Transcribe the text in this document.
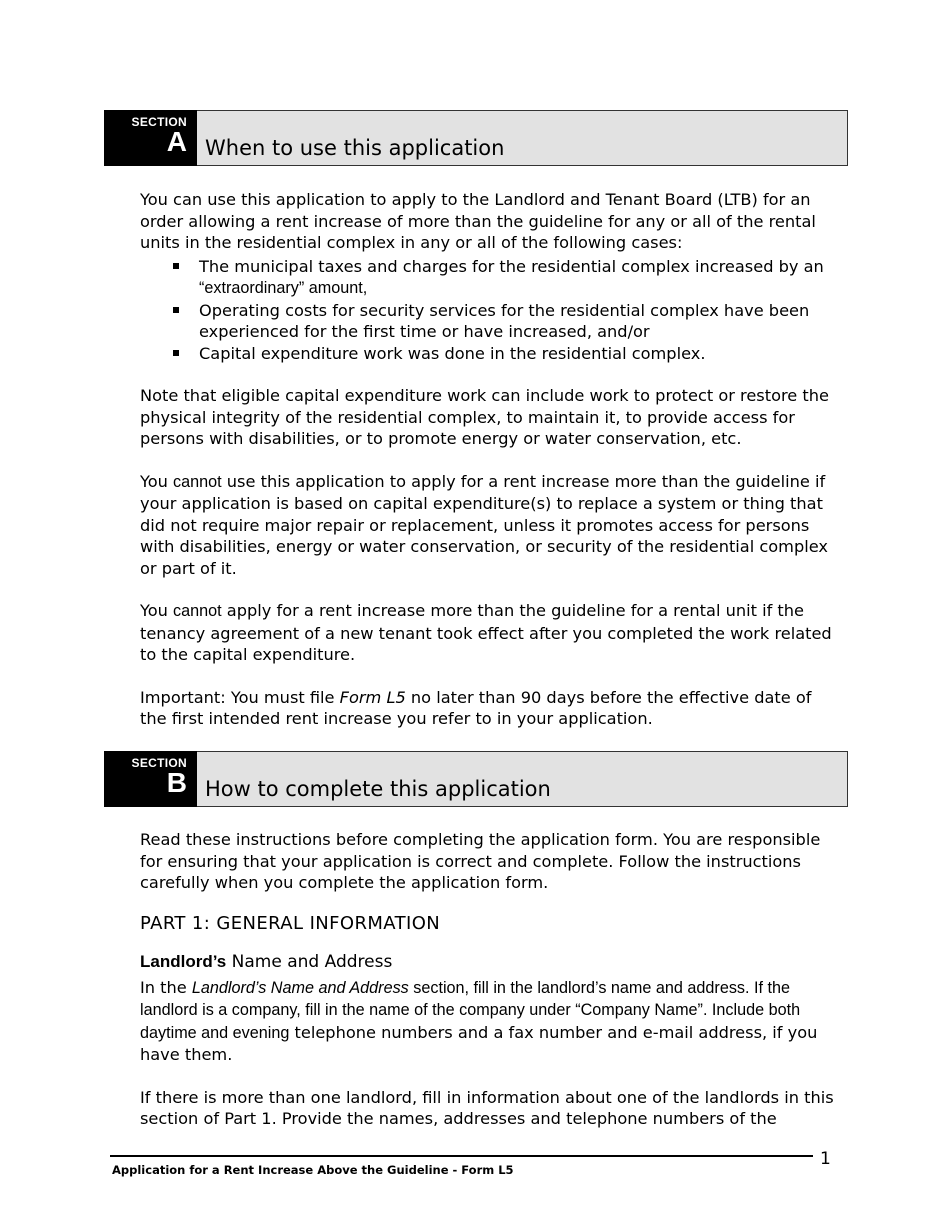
SECTION
A When to use this application

You can use this application to apply to the Landlord and Tenant Board (LTB) for an order allowing a rent increase of more than the guideline for any or all of the rental units in the residential complex in any or all of the following cases:

The municipal taxes and charges for the residential complex increased by an “extraordinary” amount,
Operating costs for security services for the residential complex have been experienced for the first time or have increased, and/or
Capital expenditure work was done in the residential complex.

Note that eligible capital expenditure work can include work to protect or restore the physical integrity of the residential complex, to maintain it, to provide access for persons with disabilities, or to promote energy or water conservation, etc.

You cannot use this application to apply for a rent increase more than the guideline if your application is based on capital expenditure(s) to replace a system or thing that did not require major repair or replacement, unless it promotes access for persons with disabilities, energy or water conservation, or security of the residential complex or part of it.

You cannot apply for a rent increase more than the guideline for a rental unit if the tenancy agreement of a new tenant took effect after you completed the work related to the capital expenditure.

Important: You must file Form L5 no later than 90 days before the effective date of the first intended rent increase you refer to in your application.

SECTION
B How to complete this application

Read these instructions before completing the application form. You are responsible for ensuring that your application is correct and complete. Follow the instructions carefully when you complete the application form.

PART 1: GENERAL INFORMATION

Landlord’s Name and Address

In the Landlord’s Name and Address section, fill in the landlord’s name and address. If the landlord is a company, fill in the name of the company under “Company Name”. Include both daytime and evening telephone numbers and a fax number and e-mail address, if you have them.

If there is more than one landlord, fill in information about one of the landlords in this section of Part 1. Provide the names, addresses and telephone numbers of the

1
Application for a Rent Increase Above the Guideline - Form L5
